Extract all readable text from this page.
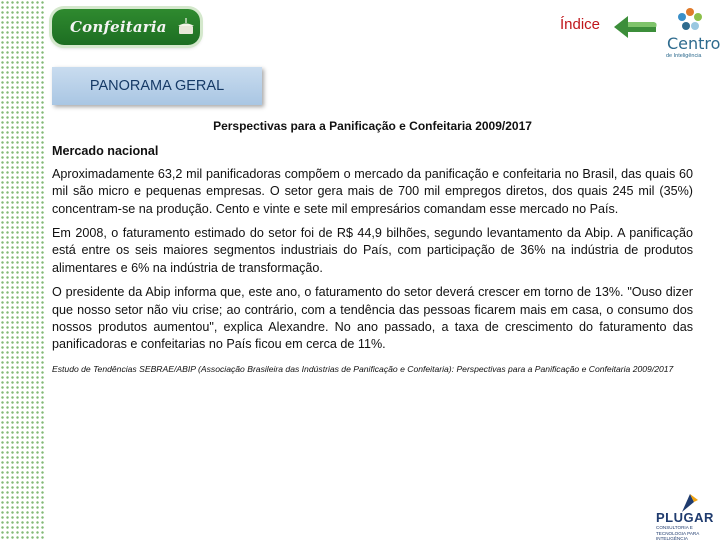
Confeitaria	Índice
Centro
de Inteligência
PANORAMA GERAL
Perspectivas para a Panificação e Confeitaria 2009/2017
Mercado nacional

Aproximadamente 63,2 mil panificadoras compõem o mercado da panificação e confeitaria no Brasil, das quais 60 mil são micro e pequenas empresas. O setor gera mais de 700 mil empregos diretos, dos quais 245 mil (35%) concentram-se na produção. Cento e vinte e sete mil empresários comandam esse mercado no País.

Em 2008, o faturamento estimado do setor foi de R$ 44,9 bilhões, segundo levantamento da Abip. A panificação está entre os seis maiores segmentos industriais do País, com participação de 36% na indústria de produtos alimentares e 6% na indústria de transformação.

O presidente da Abip informa que, este ano, o faturamento do setor deverá crescer em torno de 13%. "Ouso dizer que nosso setor não viu crise; ao contrário, com a tendência das pessoas ficarem mais em casa, o consumo dos nossos produtos aumentou", explica Alexandre. No ano passado, a taxa de crescimento do faturamento das panificadoras e confeitarias no País ficou em cerca de 11%.

Estudo de Tendências SEBRAE/ABIP (Associação Brasileira das Indústrias de Panificação e Confeitaria): Perspectivas para a Panificação e Confeitaria 2009/2017
PLUGAR
CONSULTORIA E TECNOLOGIA PARA INTELIGÊNCIA
